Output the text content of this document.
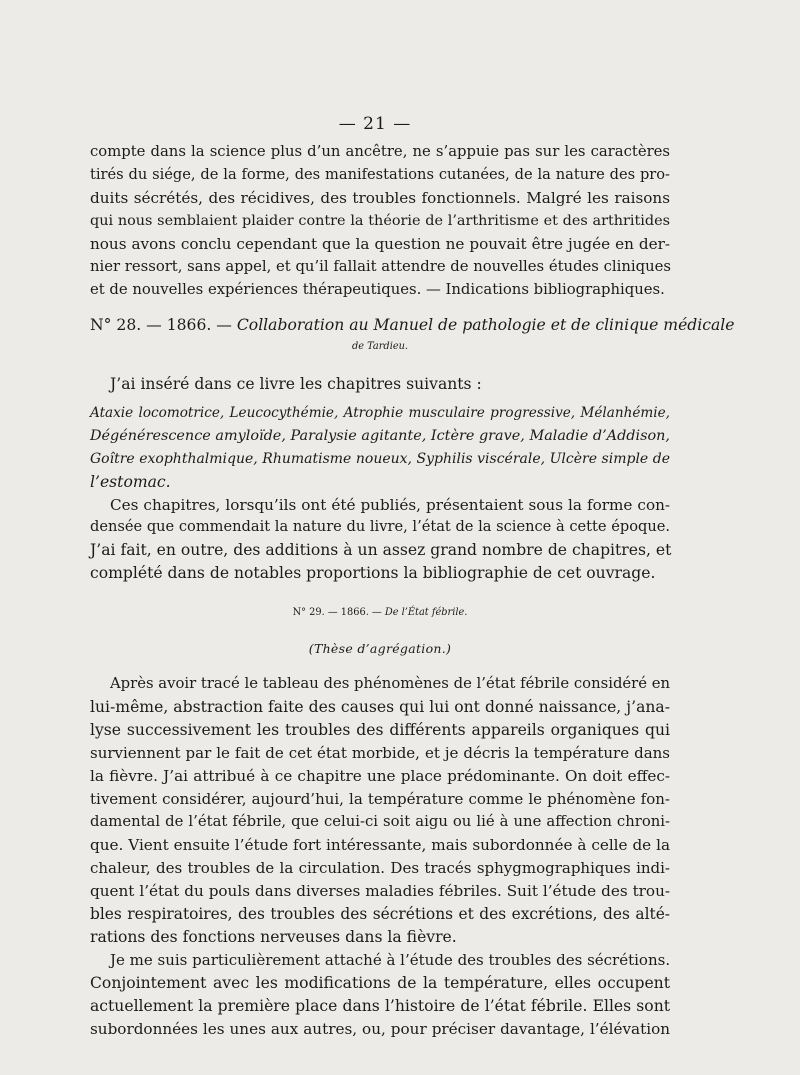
— 21 —
compte dans la science plus d’un ancêtre, ne s’appuie pas sur les caractères
tirés du siége, de la forme, des manifestations cutanées, de la nature des pro-
duits sécrétés, des récidives, des troubles fonctionnels. Malgré les raisons
qui nous semblaient plaider contre la théorie de l’arthritisme et des arthritides
nous avons conclu cependant que la question ne pouvait être jugée en der-
nier ressort, sans appel, et qu’il fallait attendre de nouvelles études cliniques
et de nouvelles expériences thérapeutiques. — Indications bibliographiques.
N° 28. — 1866. — Collaboration au Manuel de pathologie et de clinique médicale
de Tardieu.
J’ai inséré dans ce livre les chapitres suivants :
Ataxie locomotrice, Leucocythémie, Atrophie musculaire progressive, Mélanhémie,
Dégénérescence amyloïde, Paralysie agitante, Ictère grave, Maladie d’Addison,
Goître exophthalmique, Rhumatisme noueux, Syphilis viscérale, Ulcère simple de
l’estomac.
Ces chapitres, lorsqu’ils ont été publiés, présentaient sous la forme con-
densée que commendait la nature du livre, l’état de la science à cette époque.
J’ai fait, en outre, des additions à un assez grand nombre de chapitres, et
complété dans de notables proportions la bibliographie de cet ouvrage.
N° 29. — 1866. — De l’État fébrile.
(Thèse d’agrégation.)
Après avoir tracé le tableau des phénomènes de l’état fébrile considéré en
lui-même, abstraction faite des causes qui lui ont donné naissance, j’ana-
lyse successivement les troubles des différents appareils organiques qui
surviennent par le fait de cet état morbide, et je décris la température dans
la fièvre. J’ai attribué à ce chapitre une place prédominante. On doit effec-
tivement considérer, aujourd’hui, la température comme le phénomène fon-
damental de l’état fébrile, que celui-ci soit aigu ou lié à une affection chroni-
que. Vient ensuite l’étude fort intéressante, mais subordonnée à celle de la
chaleur, des troubles de la circulation. Des tracés sphygmographiques indi-
quent l’état du pouls dans diverses maladies fébriles. Suit l’étude des trou-
bles respiratoires, des troubles des sécrétions et des excrétions, des alté-
rations des fonctions nerveuses dans la fièvre.
Je me suis particulièrement attaché à l’étude des troubles des sécrétions.
Conjointement avec les modifications de la température, elles occupent
actuellement la première place dans l’histoire de l’état fébrile. Elles sont
subordonnées les unes aux autres, ou, pour préciser davantage, l’élévation
